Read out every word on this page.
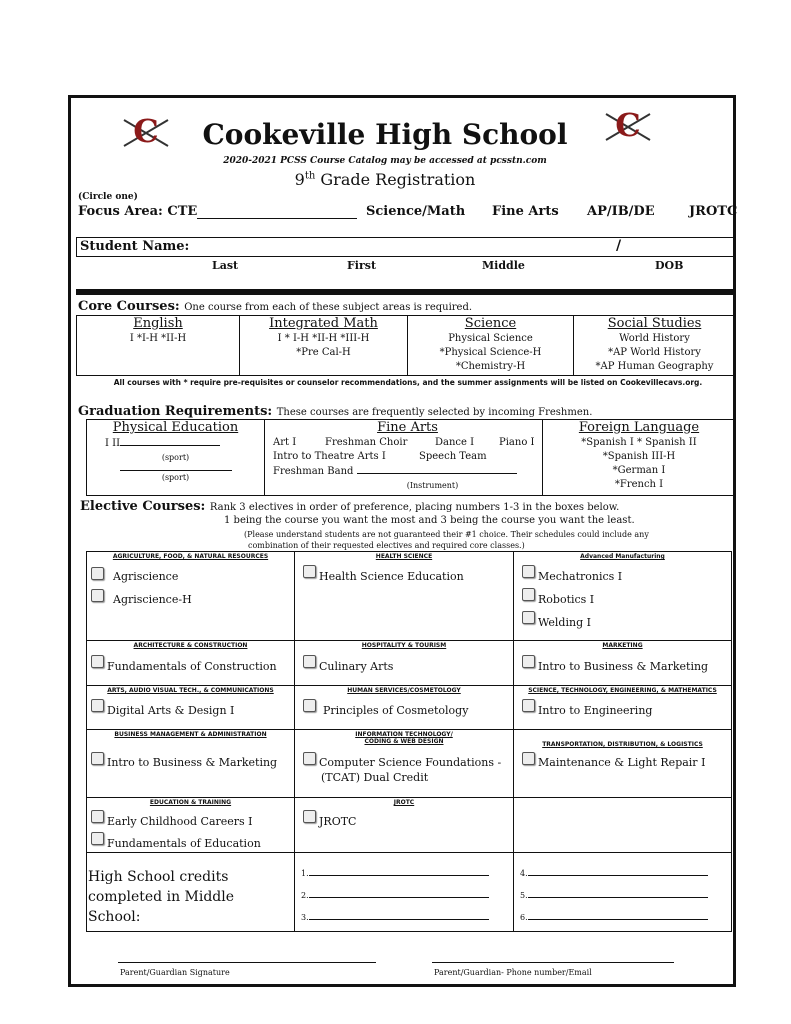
C	C
Cookeville High School
2020-2021 PCSS Course Catalog may be accessed at pcsstn.com
9th Grade Registration
(Circle one)
Focus Area: CTE	Science/Math Fine Arts AP/IB/DE	JROTC
Student Name:	/
Last	First	Middle	DOB
Core Courses: One course from each of these subject areas is required.
English
I *I-H *II-H
Integrated Math
I * I-H *II-H *III-H
*Pre Cal-H
Science
Physical Science
*Physical Science-H
*Chemistry-H
Social Studies
World History
*AP World History
*AP Human Geography
All courses with * require pre-requisites or counselor recommendations, and the summer assignments will be listed on Cookevillecavs.org.
Graduation Requirements: These courses are frequently selected by incoming Freshmen.
Physical Education
I II
(sport)
(sport)
Fine Arts
Art I	Freshman Choir	Dance I Piano I
Intro to Theatre Arts I	Speech Team
Freshman Band
(Instrument)
Foreign Language
*Spanish I * Spanish II
*Spanish III-H
*German I
*French I
Elective Courses: Rank 3 electives in order of preference, placing numbers 1-3 in the boxes below.
1 being the course you want the most and 3 being the course you want the least.
(Please understand students are not guaranteed their #1 choice. Their schedules could include any
combination of their requested electives and required core classes.)
AGRICULTURE, FOOD, & NATURAL RESOURCES
Agriscience
Agriscience-H
HEALTH SCIENCE
Health Science Education
Advanced Manufacturing
Mechatronics I
Robotics I
Welding I
ARCHITECTURE & CONSTRUCTION
Fundamentals of Construction
HOSPITALITY & TOURISM
Culinary Arts
MARKETING
Intro to Business & Marketing
ARTS, AUDIO VISUAL TECH., & COMMUNICATIONS
Digital Arts & Design I
HUMAN SERVICES/COSMETOLOGY
Principles of Cosmetology
SCIENCE, TECHNOLOGY, ENGINEERING, & MATHEMATICS
Intro to Engineering
BUSINESS MANAGEMENT & ADMINISTRATION
Intro to Business & Marketing
INFORMATION TECHNOLOGY/
CODING & WEB DESIGN
Computer Science Foundations -
(TCAT) Dual Credit
TRANSPORTATION, DISTRIBUTION, & LOGISTICS
Maintenance & Light Repair I
EDUCATION & TRAINING
Early Childhood Careers I
Fundamentals of Education
JROTC
JROTC
High School credits
completed in Middle
School:
1.
2.
3.
4.
5.
6.
Parent/Guardian Signature	Parent/Guardian- Phone number/Email
